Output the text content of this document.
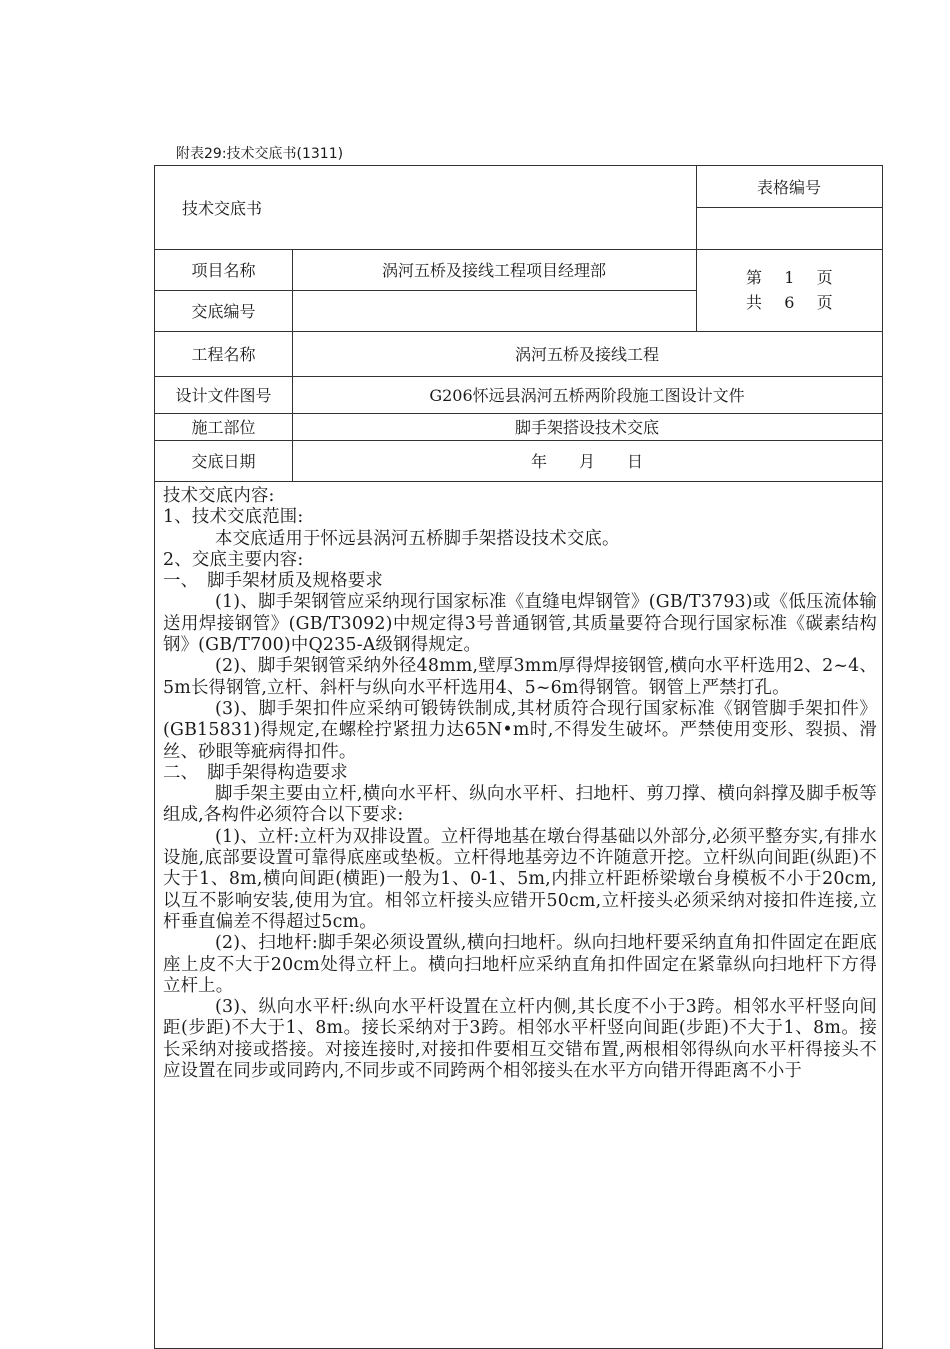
附表29:技术交底书(1311)
技术交底书
表格编号
第 1 页
共 6 页
项目名称	涡河五桥及接线工程项目经理部
交底编号
工程名称	涡河五桥及接线工程
设计文件图号	G206怀远县涡河五桥两阶段施工图设计文件
施工部位	脚手架搭设技术交底
交底日期	年　　月　　日

技术交底内容:

1、技术交底范围:

本交底适用于怀远县涡河五桥脚手架搭设技术交底。

2、交底主要内容:

一、　脚手架材质及规格要求

(1)、脚手架钢管应采纳现行国家标准《直缝电焊钢管》(GB/T3793)或《低压流体输送用焊接钢管》(GB/T3092)中规定得3号普通钢管,其质量要符合现行国家标准《碳素结构钢》(GB/T700)中Q235-A级钢得规定。

(2)、脚手架钢管采纳外径48mm,壁厚3mm厚得焊接钢管,横向水平杆选用2、2~4、5m长得钢管,立杆、斜杆与纵向水平杆选用4、5~6m得钢管。钢管上严禁打孔。

(3)、脚手架扣件应采纳可锻铸铁制成,其材质符合现行国家标准《钢管脚手架扣件》(GB15831)得规定,在螺栓拧紧扭力达65N•m时,不得发生破坏。严禁使用变形、裂损、滑丝、砂眼等疵病得扣件。

二、　脚手架得构造要求

脚手架主要由立杆,横向水平杆、纵向水平杆、扫地杆、剪刀撑、横向斜撑及脚手板等组成,各构件必须符合以下要求:

(1)、立杆:立杆为双排设置。立杆得地基在墩台得基础以外部分,必须平整夯实,有排水设施,底部要设置可靠得底座或垫板。立杆得地基旁边不许随意开挖。立杆纵向间距(纵距)不大于1、8m,横向间距(横距)一般为1、0-1、5m,内排立杆距桥梁墩台身模板不小于20cm,以互不影响安装,使用为宜。相邻立杆接头应错开50cm,立杆接头必须采纳对接扣件连接,立杆垂直偏差不得超过5cm。

(2)、扫地杆:脚手架必须设置纵,横向扫地杆。纵向扫地杆要采纳直角扣件固定在距底座上皮不大于20cm处得立杆上。横向扫地杆应采纳直角扣件固定在紧靠纵向扫地杆下方得立杆上。

(3)、纵向水平杆:纵向水平杆设置在立杆内侧,其长度不小于3跨。相邻水平杆竖向间距(步距)不大于1、8m。接长采纳对于3跨。相邻水平杆竖向间距(步距)不大于1、8m。接长采纳对接或搭接。对接连接时,对接扣件要相互交错布置,两根相邻得纵向水平杆得接头不应设置在同步或同跨内,不同步或不同跨两个相邻接头在水平方向错开得距离不小于
